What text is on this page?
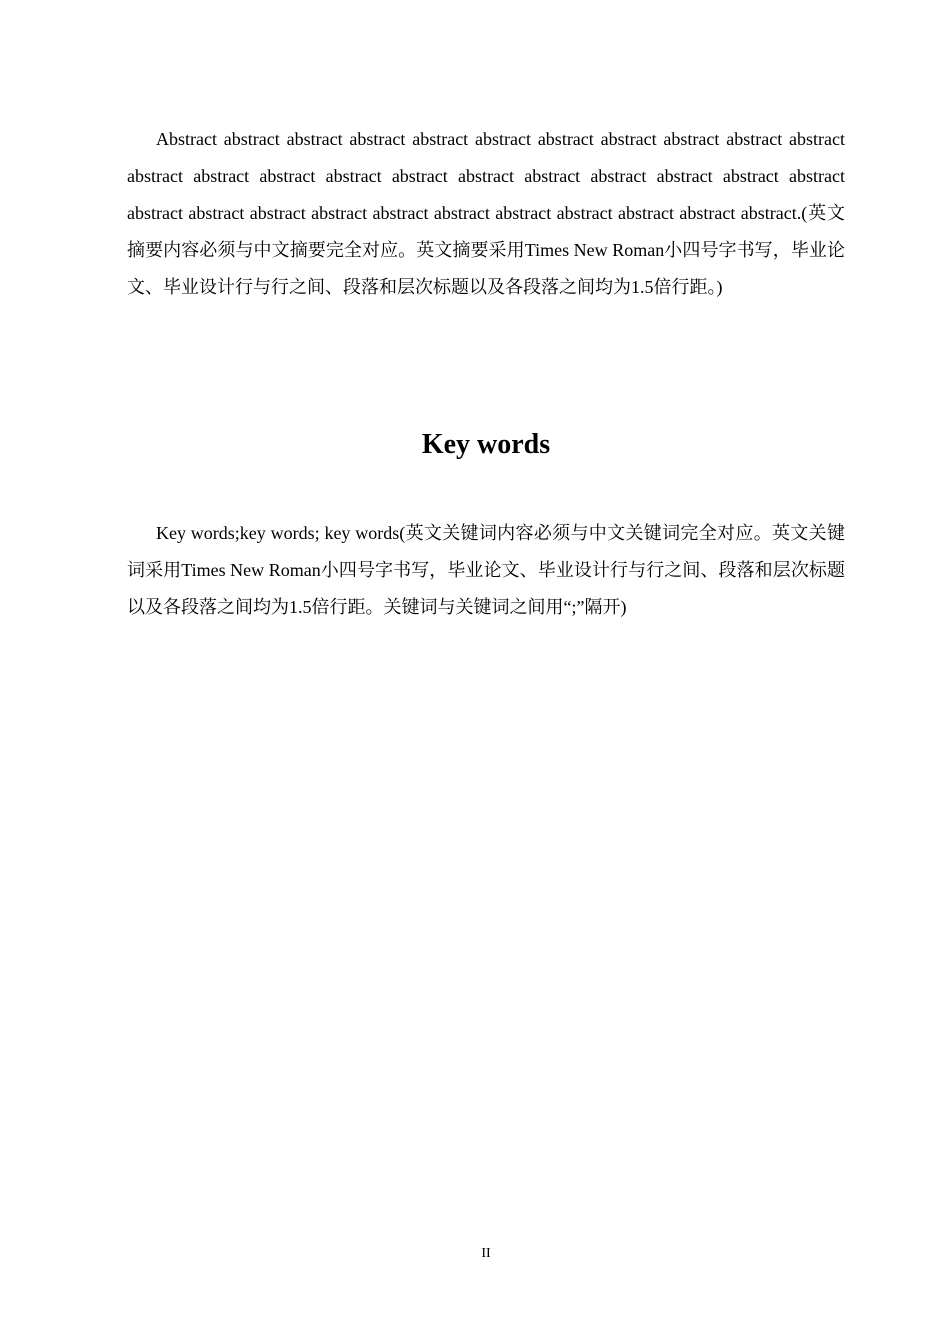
Abstract abstract abstract abstract abstract abstract abstract abstract abstract abstract abstract abstract abstract abstract abstract abstract abstract abstract abstract abstract abstract abstract abstract abstract abstract abstract abstract abstract abstract abstract abstract abstract abstract.(英文摘要内容必须与中文摘要完全对应。英文摘要采用Times New Roman小四号字书写，毕业论文、毕业设计行与行之间、段落和层次标题以及各段落之间均为1.5倍行距。)

Key words

Key words;key words; key words(英文关键词内容必须与中文关键词完全对应。英文关键词采用Times New Roman小四号字书写，毕业论文、毕业设计行与行之间、段落和层次标题以及各段落之间均为1.5倍行距。关键词与关键词之间用“;”隔开)

II
